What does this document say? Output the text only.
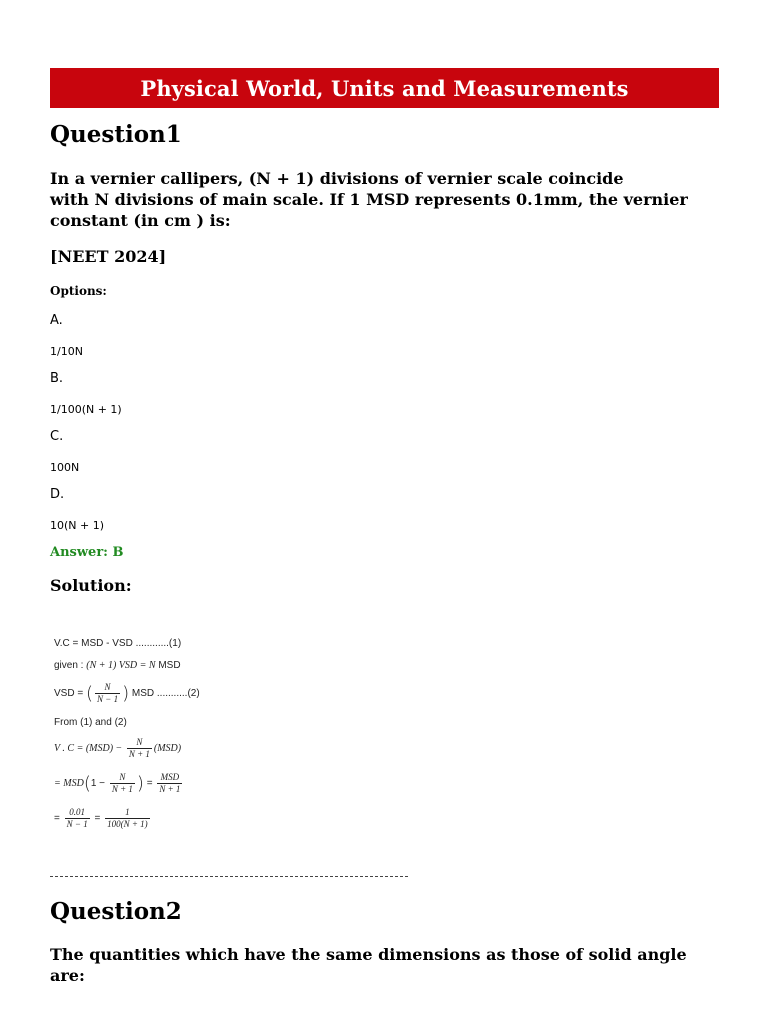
Physical World, Units and Measurements
Question1
In a vernier callipers, (N + 1) divisions of vernier scale coincide
with N divisions of main scale. If 1 MSD represents 0.1mm, the vernier
constant (in cm ) is:
[NEET 2024]
Options:
A.
1/10N
B.
1/100(N + 1)
C.
100N
D.
10(N + 1)
Answer: B
Solution:
V.C = MSD - VSD ............(1)
given : (N + 1) VSD = N MSD
VSD = ( $\frac{N}{N - 1}$ ) MSD ...........(2)
From (1) and (2)
V . $C = (MSD) - \frac{N}{N + 1} (MSD)$
= $MSD(1 - \frac{N}{N + 1}$ ) = $\frac{\text{MSD}}{N + 1}$
= $\frac{0.01}{N - 1} = \frac{1}{100(N + 1)}$
Question2
The quantities which have the same dimensions as those of solid angle
are:
